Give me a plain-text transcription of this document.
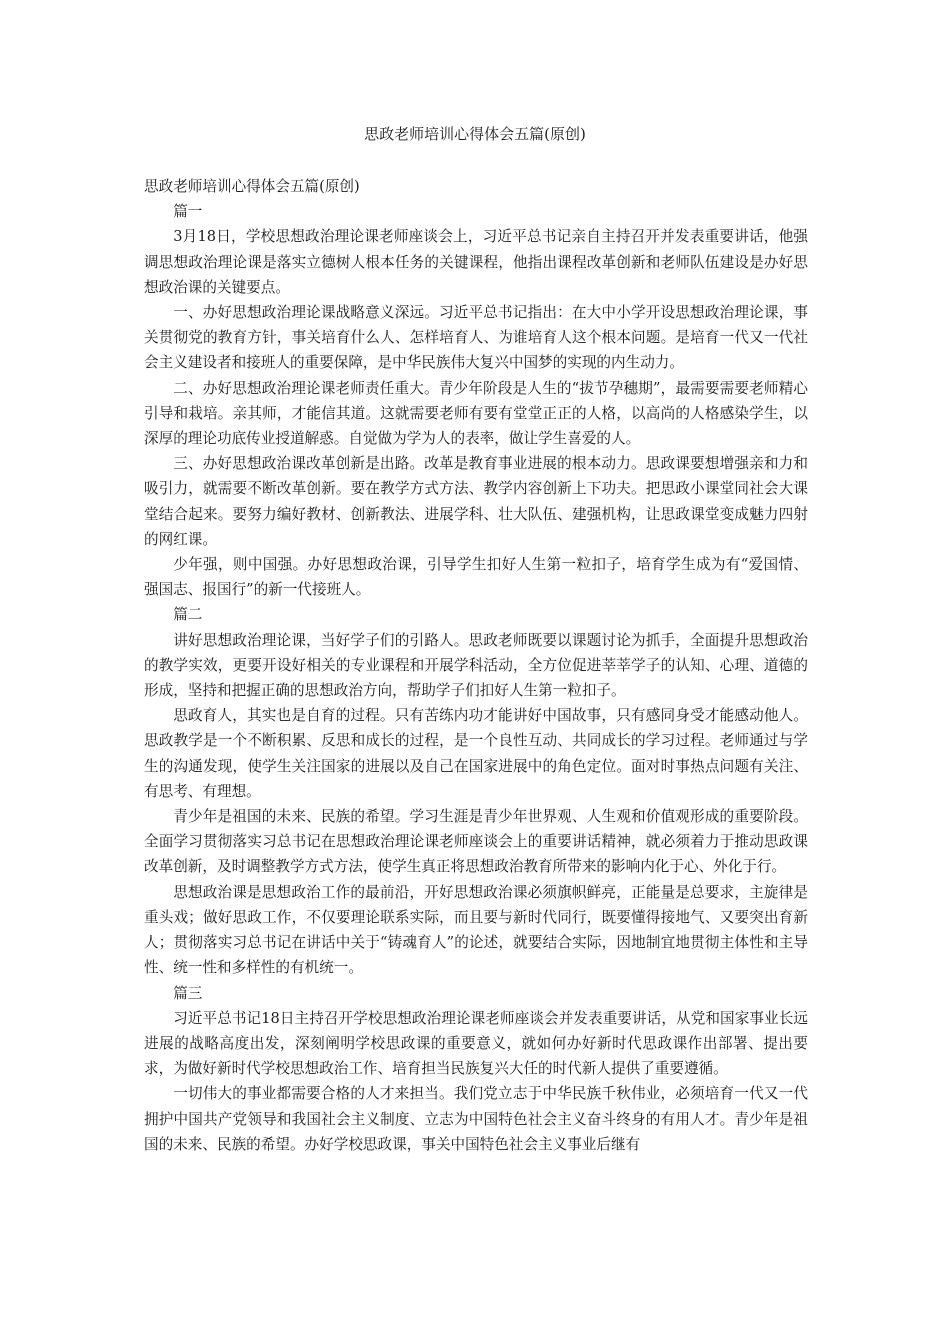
思政老师培训心得体会五篇(原创)
思政老师培训心得体会五篇(原创)
篇一

3月18日，学校思想政治理论课老师座谈会上，习近平总书记亲自主持召开并发表重要讲话，他强调思想政治理论课是落实立德树人根本任务的关键课程，他指出课程改革创新和老师队伍建设是办好思想政治课的关键要点。

一、办好思想政治理论课战略意义深远。习近平总书记指出：在大中小学开设思想政治理论课，事关贯彻党的教育方针，事关培育什么人、怎样培育人、为谁培育人这个根本问题。是培育一代又一代社会主义建设者和接班人的重要保障，是中华民族伟大复兴中国梦的实现的内生动力。

二、办好思想政治理论课老师责任重大。青少年阶段是人生的“拔节孕穗期”，最需要需要老师精心引导和栽培。亲其师，才能信其道。这就需要老师有要有堂堂正正的人格，以高尚的人格感染学生，以深厚的理论功底传业授道解惑。自觉做为学为人的表率，做让学生喜爱的人。

三、办好思想政治课改革创新是出路。改革是教育事业进展的根本动力。思政课要想增强亲和力和吸引力，就需要不断改革创新。要在教学方式方法、教学内容创新上下功夫。把思政小课堂同社会大课堂结合起来。要努力编好教材、创新教法、进展学科、壮大队伍、建强机构，让思政课堂变成魅力四射的网红课。

少年强，则中国强。办好思想政治课，引导学生扣好人生第一粒扣子，培育学生成为有“爱国情、强国志、报国行”的新一代接班人。

篇二

讲好思想政治理论课，当好学子们的引路人。思政老师既要以课题讨论为抓手，全面提升思想政治的教学实效，更要开设好相关的专业课程和开展学科活动，全方位促进莘莘学子的认知、心理、道德的形成，坚持和把握正确的思想政治方向，帮助学子们扣好人生第一粒扣子。

思政育人，其实也是自育的过程。只有苦练内功才能讲好中国故事，只有感同身受才能感动他人。思政教学是一个不断积累、反思和成长的过程，是一个良性互动、共同成长的学习过程。老师通过与学生的沟通发现，使学生关注国家的进展以及自己在国家进展中的角色定位。面对时事热点问题有关注、有思考、有理想。

青少年是祖国的未来、民族的希望。学习生涯是青少年世界观、人生观和价值观形成的重要阶段。全面学习贯彻落实习总书记在思想政治理论课老师座谈会上的重要讲话精神，就必须着力于推动思政课改革创新，及时调整教学方式方法，使学生真正将思想政治教育所带来的影响内化于心、外化于行。

思想政治课是思想政治工作的最前沿，开好思想政治课必须旗帜鲜亮，正能量是总要求，主旋律是重头戏；做好思政工作，不仅要理论联系实际，而且要与新时代同行，既要懂得接地气、又要突出育新人；贯彻落实习总书记在讲话中关于“铸魂育人”的论述，就要结合实际，因地制宜地贯彻主体性和主导性、统一性和多样性的有机统一。

篇三

习近平总书记18日主持召开学校思想政治理论课老师座谈会并发表重要讲话，从党和国家事业长远进展的战略高度出发，深刻阐明学校思政课的重要意义，就如何办好新时代思政课作出部署、提出要求，为做好新时代学校思想政治工作、培育担当民族复兴大任的时代新人提供了重要遵循。

一切伟大的事业都需要合格的人才来担当。我们党立志于中华民族千秋伟业，必须培育一代又一代拥护中国共产党领导和我国社会主义制度、立志为中国特色社会主义奋斗终身的有用人才。青少年是祖国的未来、民族的希望。办好学校思政课，事关中国特色社会主义事业后继有
